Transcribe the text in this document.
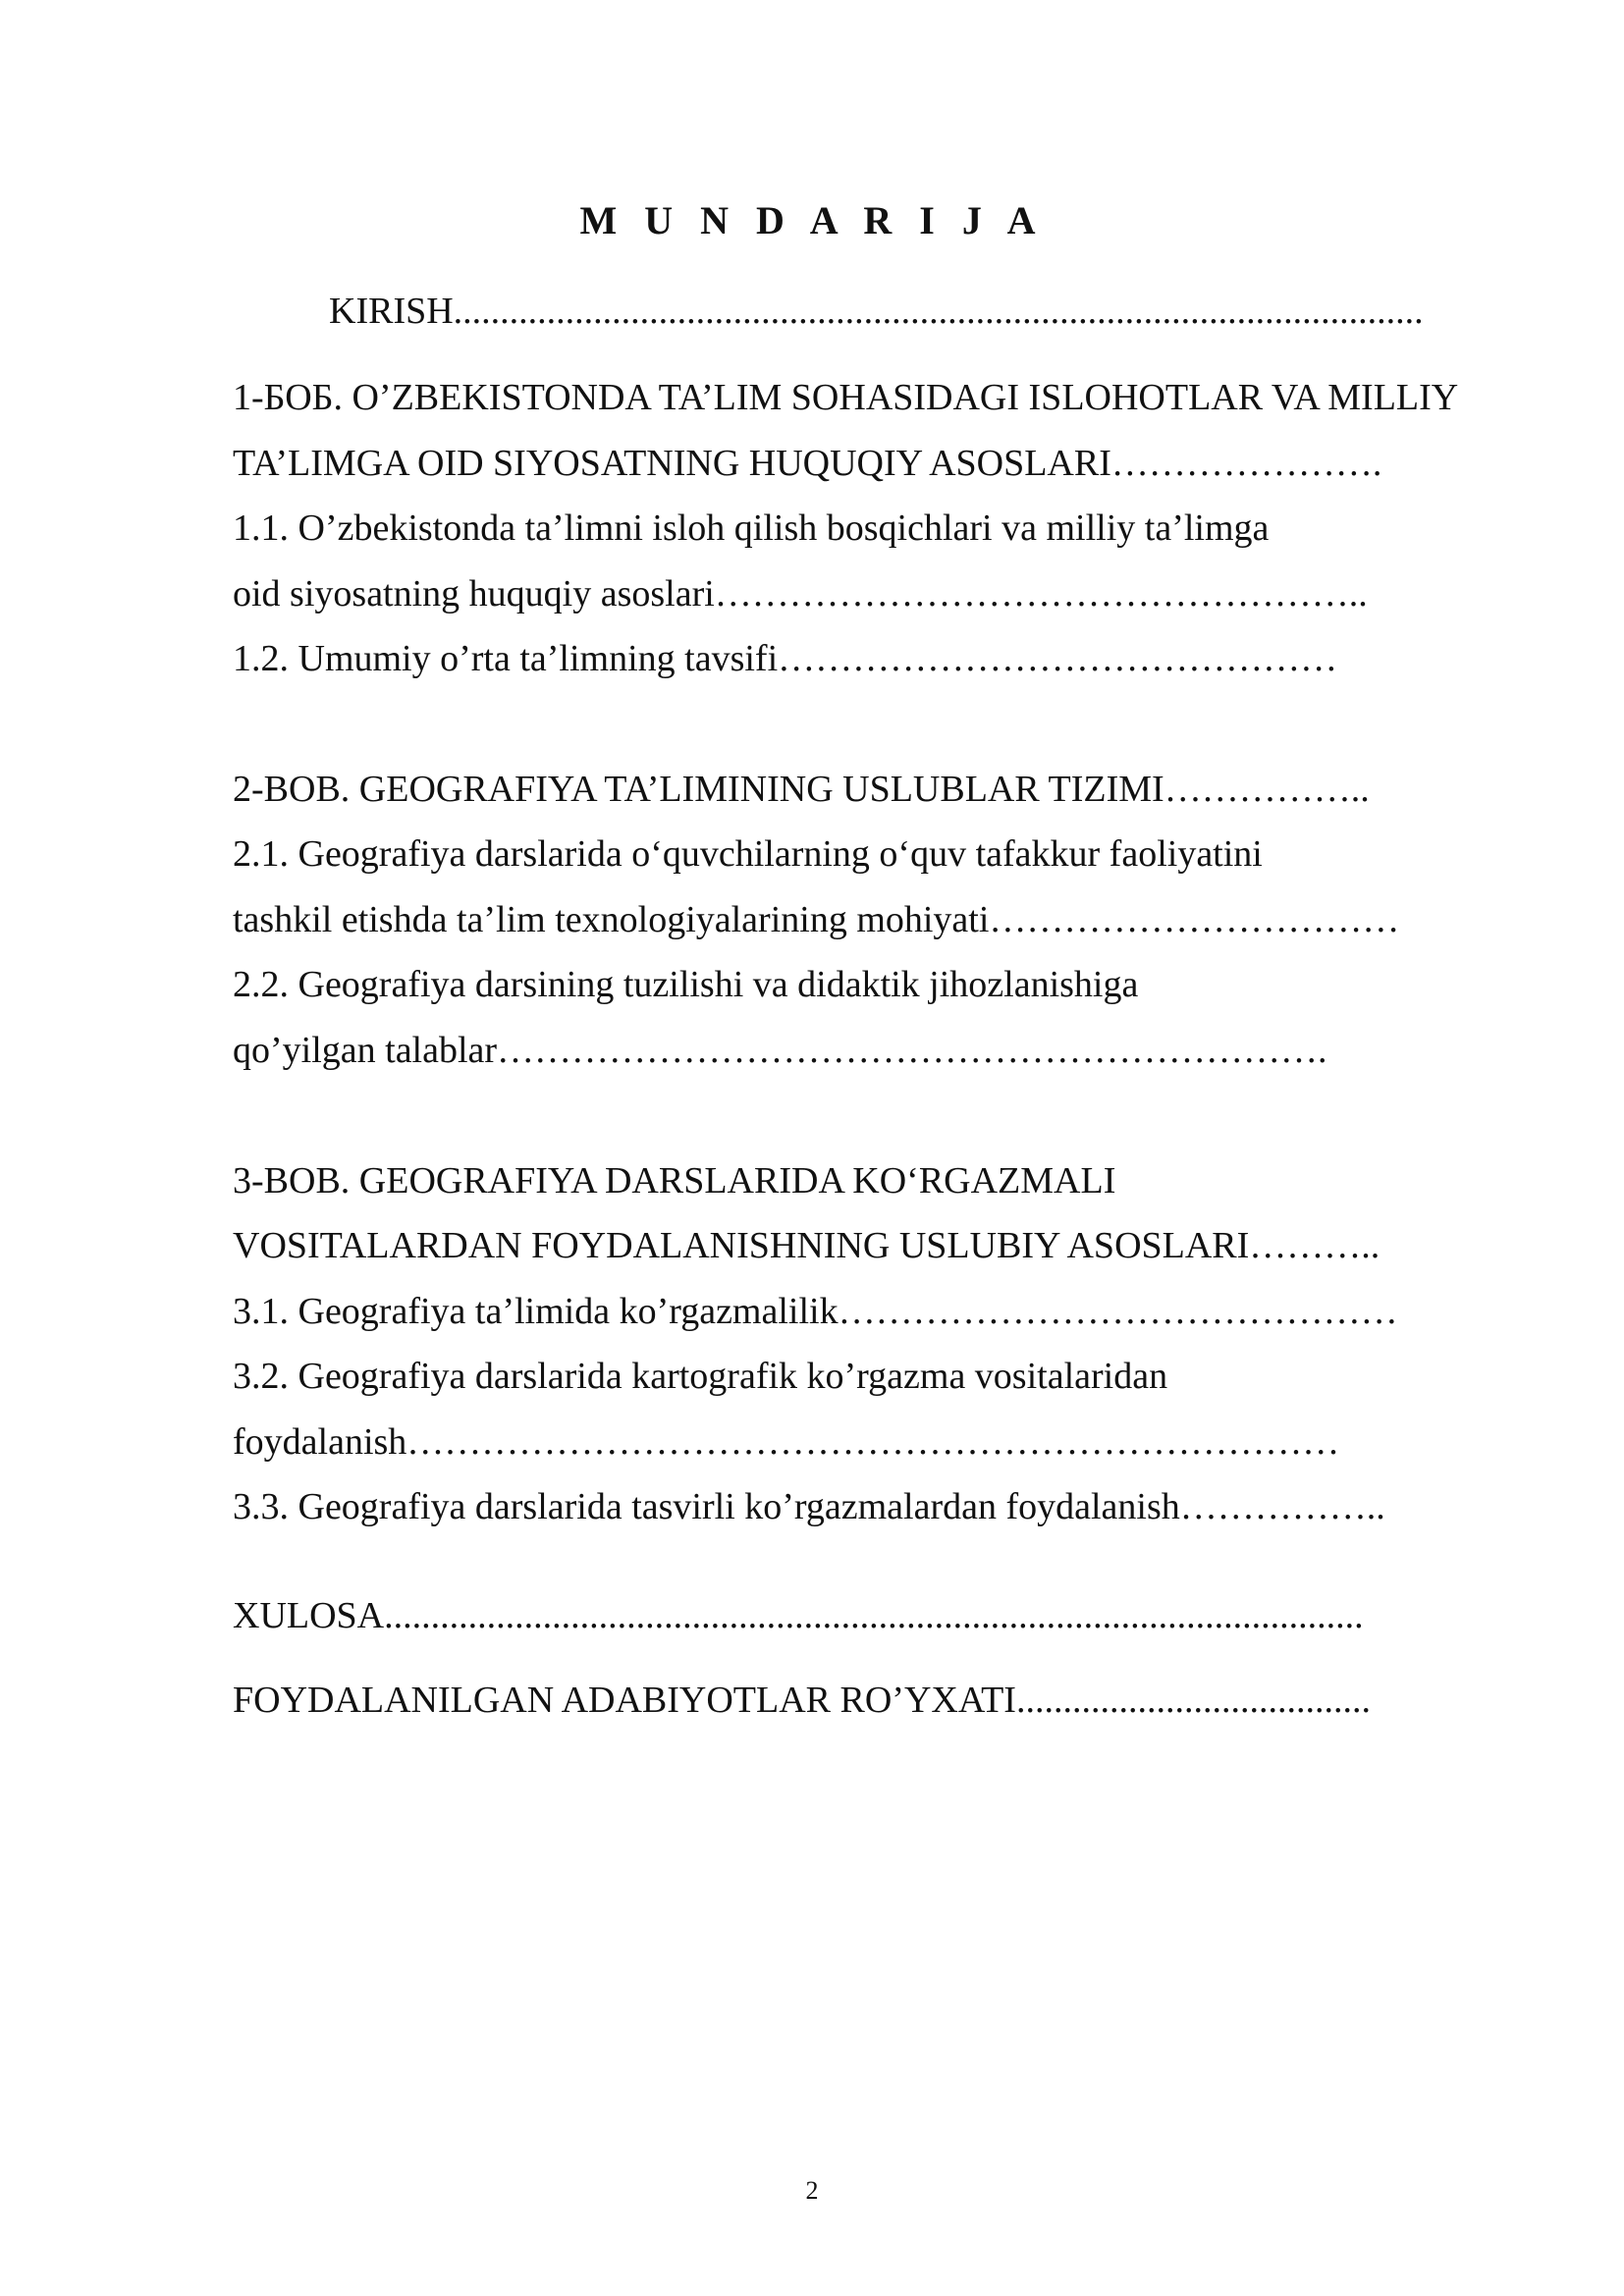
M U N D A R I J A
KIRISH........................................................................................................
1-БОБ. O’ZBEKISTONDA TA’LIM SOHASIDAGI ISLOHOTLAR VA MILLIY
TA’LIMGA OID SIYOSATNING HUQUQIY ASOSLARI………………….
1.1. O’zbekistonda ta’limni isloh qilish bosqichlari va milliy ta’limga
oid siyosatning huquqiy asoslari……………………………………………..
1.2. Umumiy o’rta ta’limning tavsifi………………………………………
2-BOB. GEOGRAFIYA TA’LIMINING USLUBLAR TIZIMI……………..
2.1. Geografiya darslarida o‘quvchilarning o‘quv tafakkur faoliyatini
tashkil etishda ta’lim texnologiyalarining mohiyati……………………………
2.2. Geografiya darsining tuzilishi va didaktik jihozlanishiga
qo’yilgan talablar………………………………………………………….
3-BOB. GEOGRAFIYA DARSLARIDA KO‘RGAZMALI
VOSITALARDAN FOYDALANISHNING USLUBIY ASOSLARI………..
3.1. Geografiya ta’limida ko’rgazmalilik………………………………………
3.2. Geografiya darslarida kartografik ko’rgazma vositalaridan
foydalanish…………………………………………………………………
3.3. Geografiya darslarida tasvirli ko’rgazmalardan foydalanish……………..
XULOSA.........................................................................................................
FOYDALANILGAN ADABIYOTLAR RO’YXATI......................................
2
